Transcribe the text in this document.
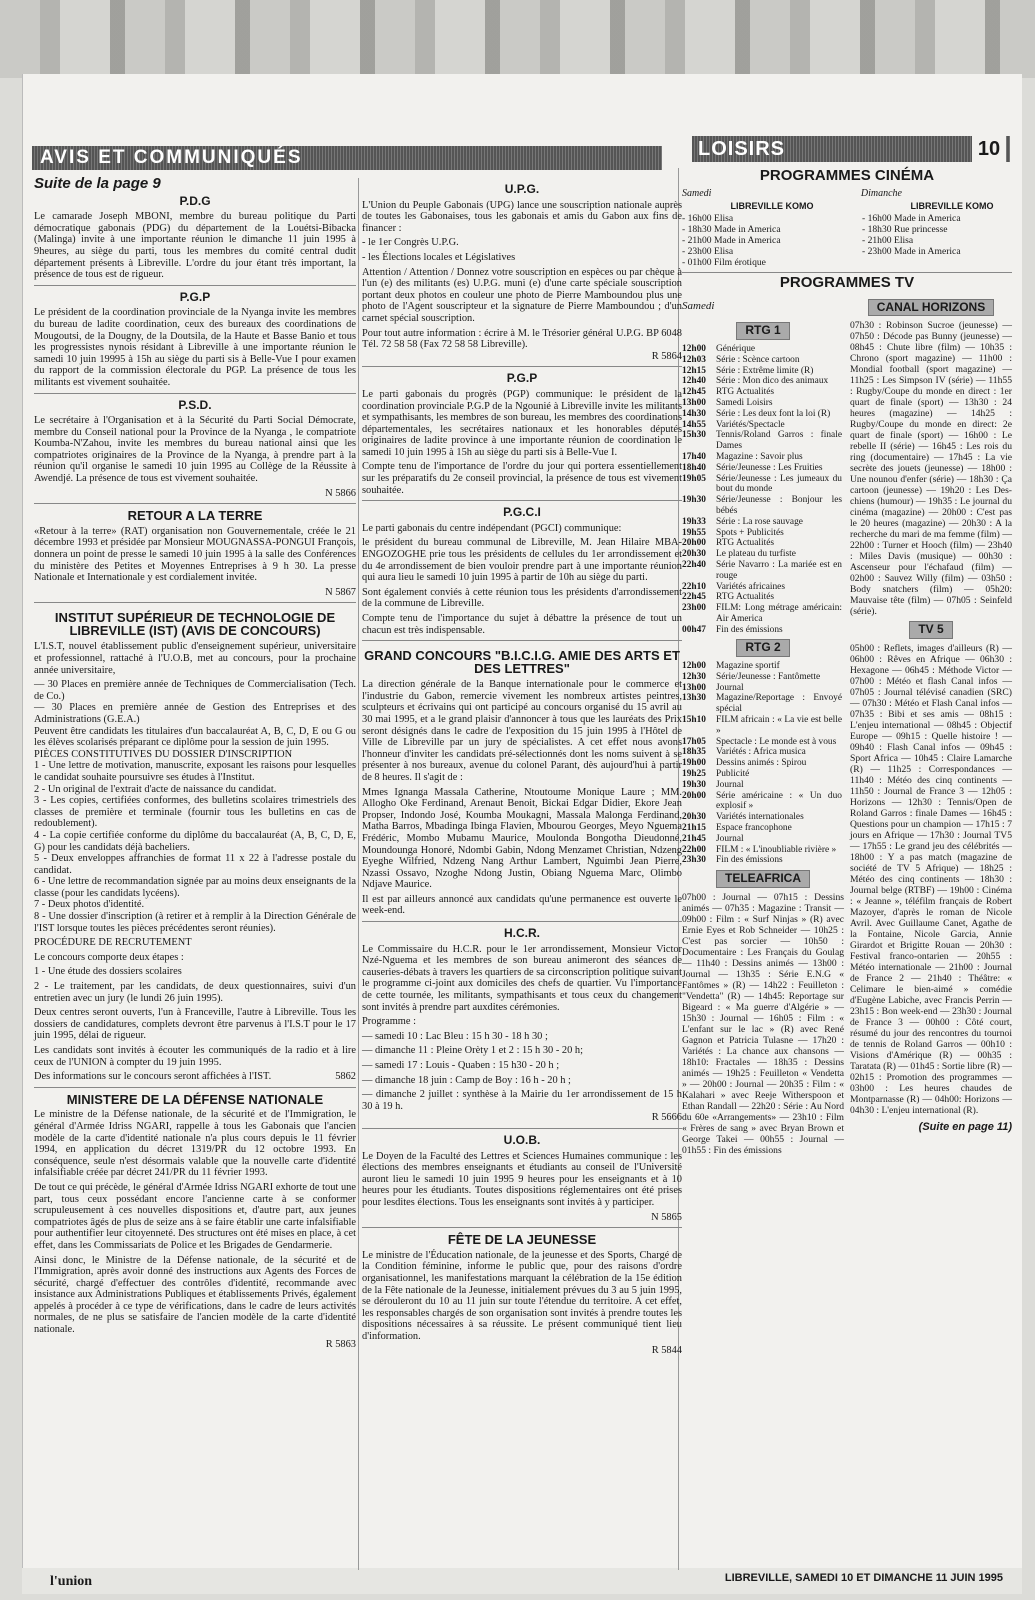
AVIS ET COMMUNIQUÉS	LOISIRS	10
Suite de la page 9
P.D.G
Le camarade Joseph MBONI, membre du bureau politique du Parti démocratique gabonais (PDG) du département de la Louétsi-Bibacka (Malinga) invite à une importante réunion le dimanche 11 juin 1995 à 9heures, au siège du parti, tous les membres du comité central dudit département présents à Libreville. L'ordre du jour étant très important, la présence de tous est de rigueur.
P.G.P
Le président de la coordination provinciale de la Nyanga invite les membres du bureau de ladite coordination, ceux des bureaux des coordinations de Mougoutsi, de la Dougny, de la Doutsila, de la Haute et Basse Banio et tous les progressistes nynois résidant à Libreville à une importante réunion le samedi 10 juin 19995 à 15h au siège du parti sis à Belle-Vue I pour examen du rapport de la commission électorale du PGP. La présence de tous les militants est vivement souhaitée.
P.S.D.
Le secrétaire à l'Organisation et à la Sécurité du Parti Social Démocrate, membre du Conseil national pour la Province de la Nyanga , le compatriote Koumba-N'Zahou, invite les membres du bureau national ainsi que les compatriotes originaires de la Province de la Nyanga, à prendre part à la réunion qu'il organise le samedi 10 juin 1995 au Collège de la Réussite à Awendjé. La présence de tous est vivement souhaitée.
N 5866
RETOUR A LA TERRE
«Retour à la terre» (RAT) organisation non Gouvernementale, créée le 21 décembre 1993 et présidée par Monsieur MOUGNASSA-PONGUI François, donnera un point de presse le samedi 10 juin 1995 à la salle des Conférences du ministère des Petites et Moyennes Entreprises à 9 h 30. La presse Nationale et Internationale y est cordialement invitée.
N 5867
INSTITUT SUPÉRIEUR DE TECHNOLOGIE DE LIBREVILLE (IST) (AVIS DE CONCOURS)
L'I.S.T, nouvel établissement public d'enseignement supérieur, universitaire et professionnel, rattaché à l'U.O.B, met au concours, pour la prochaine année universitaire,
— 30 Places en première année de Techniques de Commercialisation (Tech. de Co.)
— 30 Places en première année de Gestion des Entreprises et des Administrations (G.E.A.)
Peuvent être candidats les titulaires d'un baccalauréat A, B, C, D, E ou G ou les élèves scolarisés préparant ce diplôme pour la session de juin 1995.
PIÈCES CONSTITUTIVES DU DOSSIER D'INSCRIPTION
1 - Une lettre de motivation, manuscrite, exposant les raisons pour lesquelles le candidat souhaite poursuivre ses études à l'Institut.
2 - Un original de l'extrait d'acte de naissance du candidat.
3 - Les copies, certifiées conformes, des bulletins scolaires trimestriels des classes de première et terminale (fournir tous les bulletins en cas de redoublement).
4 - La copie certifiée conforme du diplôme du baccalauréat (A, B, C, D, E, G) pour les candidats déjà bacheliers.
5 - Deux enveloppes affranchies de format 11 x 22 à l'adresse postale du candidat.
6 - Une lettre de recommandation signée par au moins deux enseignants de la classe (pour les candidats lycéens).
7 - Deux photos d'identité.
8 - Une dossier d'inscription (à retirer et à remplir à la Direction Générale de l'IST lorsque toutes les pièces précédentes seront réunies).
PROCÉDURE DE RECRUTEMENT
Le concours comporte deux étapes :
1 - Une étude des dossiers scolaires
2 - Le traitement, par les candidats, de deux questionnaires, suivi d'un entretien avec un jury (le lundi 26 juin 1995).
Deux centres seront ouverts, l'un à Franceville, l'autre à Libreville. Tous les dossiers de candidatures, complets devront être parvenus à l'I.S.T pour le 17 juin 1995, délai de rigueur.
Les candidats sont invités à écouter les communiqués de la radio et à lire ceux de l'UNION à compter du 19 juin 1995.
Des informations sur le concours seront affichées à l'IST.	5862
MINISTERE DE LA DÉFENSE NATIONALE
Le ministre de la Défense nationale, de la sécurité et de l'Immigration, le général d'Armée Idriss NGARI, rappelle à tous les Gabonais que l'ancien modèle de la carte d'identité nationale n'a plus cours depuis le 11 février 1994, en application du décret 1319/PR du 12 octobre 1993. En conséquence, seule n'est désormais valable que la nouvelle carte d'identité infalsifiable créée par décret 241/PR du 11 février 1993.
De tout ce qui précède, le général d'Armée Idriss NGARI exhorte de tout une part, tous ceux possédant encore l'ancienne carte à se conformer scrupuleusement à ces nouvelles dispositions et, d'autre part, aux jeunes compatriotes âgés de plus de seize ans à se faire établir une carte infalsifiable pour authentifier leur citoyenneté. Des structures ont été mises en place, à cet effet, dans les Commissariats de Police et les Brigades de Gendarmerie.
Ainsi donc, le Ministre de la Défense nationale, de la sécurité et de l'Immigration, après avoir donné des instructions aux Agents des Forces de sécurité, chargé d'effectuer des contrôles d'identité, recommande avec insistance aux Administrations Publiques et établissements Privés, également appelés à procéder à ce type de vérifications, dans le cadre de leurs activités normales, de ne plus se satisfaire de l'ancien modèle de la carte d'identité nationale.
R 5863
U.P.G.
L'Union du Peuple Gabonais (UPG) lance une souscription nationale auprès de toutes les Gabonaises, tous les gabonais et amis du Gabon aux fins de financer :
- le 1er Congrès U.P.G.
- les Élections locales et Législatives
Attention / Attention / Donnez votre souscription en espèces ou par chèque à l'un (e) des militants (es) U.P.G. muni (e) d'une carte spéciale souscription portant deux photos en couleur une photo de Pierre Mamboundou plus une photo de l'Agent souscripteur et la signature de Pierre Mamboundou ; d'un carnet spécial souscription.
Pour tout autre information : écrire à M. le Trésorier général U.P.G. BP 6048 Tél. 72 58 58 (Fax 72 58 58 Libreville).
R 5864
P.G.P
Le parti gabonais du progrès (PGP) communique: le président de la coordination provinciale P.G.P de la Ngounié à Libreville invite les militants et sympathisants, les membres de son bureau, les membres des coordinations départementales, les secrétaires nationaux et les honorables députés originaires de ladite province à une importante réunion de coordination le samedi 10 juin 1995 à 15h au siège du parti sis à Belle-Vue I.
Compte tenu de l'importance de l'ordre du jour qui portera essentiellement sur les préparatifs du 2e conseil provincial, la présence de tous est vivement souhaitée.
P.G.C.I
Le parti gabonais du centre indépendant (PGCI) communique:
le président du bureau communal de Libreville, M. Jean Hilaire MBA-ENGOZOGHE prie tous les présidents de cellules du 1er arrondissement et du 4e arrondissement de bien vouloir prendre part à une importante réunion qui aura lieu le samedi 10 juin 1995 à partir de 10h au siège du parti.
Sont également conviés à cette réunion tous les présidents d'arrondissement de la commune de Libreville.
Compte tenu de l'importance du sujet à débattre la présence de tout un chacun est très indispensable.
GRAND CONCOURS "B.I.C.I.G. AMIE DES ARTS ET DES LETTRES"
La direction générale de la Banque internationale pour le commerce et l'industrie du Gabon, remercie vivement les nombreux artistes peintres, sculpteurs et écrivains qui ont participé au concours organisé du 15 avril au 30 mai 1995, et a le grand plaisir d'annoncer à tous que les lauréats des Prix seront désignés dans le cadre de l'exposition du 15 juin 1995 à l'Hôtel de Ville de Libreville par un jury de spécialistes. A cet effet nous avons l'honneur d'inviter les candidats pré-sélectionnés dont les noms suivent à se présenter à nos bureaux, avenue du colonel Parant, dès aujourd'hui à partir de 8 heures. Il s'agit de :
Mmes Ignanga Massala Catherine, Ntoutoume Monique Laure ; MM. Allogho Oke Ferdinand, Arenaut Benoit, Bickai Edgar Didier, Ekore Jean Propser, Indondo José, Koumba Moukagni, Massala Malonga Ferdinand, Matha Barros, Mbadinga Ibinga Flavien, Mbourou Georges, Meyo Nguema Frédéric, Mombo Mubamu Maurice, Moulonda Bongotha Dieudonné, Moundounga Honoré, Ndombi Gabin, Ndong Menzamet Christian, Ndzeng Eyeghe Wilfried, Ndzeng Nang Arthur Lambert, Nguimbi Jean Pierre, Nzassi Ossavo, Nzoghe Ndong Justin, Obiang Nguema Marc, Olimbo Ndjave Maurice.
Il est par ailleurs annoncé aux candidats qu'une permanence est ouverte le week-end.
H.C.R.
Le Commissaire du H.C.R. pour le 1er arrondissement, Monsieur Victor Nzé-Nguema et les membres de son bureau animeront des séances de causeries-débats à travers les quartiers de sa circonscription politique suivant le programme ci-joint aux domiciles des chefs de quartier. Vu l'importance de cette tournée, les militants, sympathisants et tous ceux du changement sont invités à prendre part auxdites cérémonies.
Programme :
— samedi 10 : Lac Bleu : 15 h 30 - 18 h 30 ;
— dimanche 11 : Pleine Orèty 1 et 2 : 15 h 30 - 20 h;
— samedi 17 : Louis - Quaben : 15 h30 - 20 h ;
— dimanche 18 juin : Camp de Boy : 16 h - 20 h ;
— dimanche 2 juillet : synthèse à la Mairie du 1er arrondissement de 15 h 30 à 19 h.
R 5666
U.O.B.
Le Doyen de la Faculté des Lettres et Sciences Humaines communique : les élections des membres enseignants et étudiants au conseil de l'Université auront lieu le samedi 10 juin 1995 9 heures pour les enseignants et à 10 heures pour les étudiants. Toutes dispositions réglementaires ont été prises pour lesdites élections. Tous les enseignants sont invités à y participer.
N 5865
FÊTE DE LA JEUNESSE
Le ministre de l'Éducation nationale, de la jeunesse et des Sports, Chargé de la Condition féminine, informe le public que, pour des raisons d'ordre organisationnel, les manifestations marquant la célébration de la 15e édition de la Fête nationale de la Jeunesse, initialement prévues du 3 au 5 juin 1995, se dérouleront du 10 au 11 juin sur toute l'étendue du territoire. A cet effet, les responsables chargés de son organisation sont invités à prendre toutes les dispositions nécessaires à sa réussite. Le présent communiqué tient lieu d'information.
R 5844
PROGRAMMES CINÉMA
Samedi	Dimanche
LIBREVILLE KOMO
- 16h00 Elisa
- 18h30 Made in America
- 21h00 Made in America
- 23h00 Elisa
- 01h00 Film érotique
LIBREVILLE KOMO
- 16h00 Made in America
- 18h30 Rue princesse
- 21h00 Elisa
- 23h00 Made in America
PROGRAMMES TV
Samedi
RTG 1
12h00	Générique
12h03	Série : Scènce cartoon
12h15	Série : Extrême limite (R)
12h40	Série : Mon dico des animaux
12h45	RTG Actualités
13h00	Samedi Loisirs
14h30	Série : Les deux font la loi (R)
14h55	Variétés/Spectacle
15h30	Tennis/Roland Garros : finale Dames
17h40	Magazine : Savoir plus
18h40	Série/Jeunesse : Les Fruities
19h05	Série/Jeunesse : Les jumeaux du bout du monde
19h30	Série/Jeunesse : Bonjour les bébés
19h33	Série : La rose sauvage
19h55	Spots + Publicités
20h00	RTG Actualités
20h30	Le plateau du turfiste
22h40	Série Navarro : La mariée est en rouge
22h10	Variétés africaines
22h45	RTG Actualités
23h00	FILM: Long métrage américain: Air America
00h47	Fin des émissions
RTG 2
12h00	Magazine sportif
12h30	Série/Jeunesse : Fantômette
13h00	Journal
13h30	Magazine/Reportage : Envoyé spécial
15h10	FILM africain : « La vie est belle »
17h05	Spectacle : Le monde est à vous
18h35	Variétés : Africa musica
19h00	Dessins animés : Spirou
19h25	Publicité
19h30	Journal
20h00	Série américaine : « Un duo explosif »
20h30	Variétés internationales
21h15	Espace francophone
21h45	Journal
22h00	FILM : « L'inoubliable rivière »
23h30	Fin des émissions
TELEAFRICA
07h00 : Journal — 07h15 : Dessins animés — 07h35 : Magazine : Transit — 09h00 : Film : « Surf Ninjas » (R) avec Ernie Eyes et Rob Schneider — 10h25 : C'est pas sorcier — 10h50 : Documentaire : Les Français du Goulag — 11h40 : Dessins animés — 13h00 : Journal — 13h35 : Série E.N.G « Fantômes » (R) — 14h22 : Feuilleton : "Vendetta" (R) — 14h45: Reportage sur Bigeard : « Ma guerre d'Algérie » — 15h30 : Journal — 16h05 : Film : « L'enfant sur le lac » (R) avec René Gagnon et Patricia Tulasne — 17h20 : Variétés : La chance aux chansons — 18h10: Fractales — 18h35 : Dessins animés — 19h25 : Feuilleton « Vendetta » — 20h00 : Journal — 20h35 : Film : « Kalahari » avec Reeje Witherspoon et Ethan Randall — 22h20 : Série : Au Nord du 60e «Arrangements» — 23h10 : Film « Frères de sang » avec Bryan Brown et George Takei — 00h55 : Journal — 01h55 : Fin des émissions
CANAL HORIZONS
07h30 : Robinson Sucroe (jeunesse) — 07h50 : Décode pas Bunny (jeunesse) — 08h45 : Chute libre (film) — 10h35 : Chrono (sport magazine) — 11h00 : Mondial football (sport magazine) — 11h25 : Les Simpson IV (série) — 11h55 : Rugby/Coupe du monde en direct : 1er quart de finale (sport) — 13h30 : 24 heures (magazine) — 14h25 : Rugby/Coupe du monde en direct: 2e quart de finale (sport) — 16h00 : Le rebelle II (série) — 16h45 : Les rois du ring (documentaire) — 17h45 : La vie secrète des jouets (jeunesse) — 18h00 : Une nounou d'enfer (série) — 18h30 : Ça cartoon (jeunesse) — 19h20 : Les Des-chiens (humour) — 19h35 : Le journal du cinéma (magazine) — 20h00 : C'est pas le 20 heures (magazine) — 20h30 : A la recherche du mari de ma femme (film) — 22h00 : Turner et Hooch (film) — 23h40 : Miles Davis (musique) — 00h30 : Ascenseur pour l'échafaud (film) — 02h00 : Sauvez Willy (film) — 03h50 : Body snatchers (film) — 05h20: Mauvaise tête (film) — 07h05 : Seinfeld (série).
TV 5
05h00 : Reflets, images d'ailleurs (R) — 06h00 : Rêves en Afrique — 06h30 : Hexagone — 06h45 : Méthode Victor — 07h00 : Météo et flash Canal infos — 07h05 : Journal télévisé canadien (SRC) — 07h30 : Météo et Flash Canal infos — 07h35 : Bibi et ses amis — 08h15 : L'enjeu international — 08h45 : Objectif Europe — 09h15 : Quelle histoire ! — 09h40 : Flash Canal infos — 09h45 : Sport Africa — 10h45 : Claire Lamarche (R) — 11h25 : Correspondances — 11h40 : Météo des cinq continents — 11h50 : Journal de France 3 — 12h05 : Horizons — 12h30 : Tennis/Open de Roland Garros : finale Dames — 16h45 : Questions pour un champion — 17h15 : 7 jours en Afrique — 17h30 : Journal TV5 — 17h55 : Le grand jeu des célébrités — 18h00 : Y a pas match (magazine de société de TV 5 Afrique) — 18h25 : Météo des cinq continents — 18h30 : Journal belge (RTBF) — 19h00 : Cinéma : « Jeanne », téléfilm français de Robert Mazoyer, d'après le roman de Nicole Avril. Avec Guillaume Canet, Agathe de la Fontaine, Nicole Garcia, Annie Girardot et Brigitte Rouan — 20h30 : Festival franco-ontarien — 20h55 : Météo internationale — 21h00 : Journal de France 2 — 21h40 : Théâtre: « Celimare le bien-aimé » comédie d'Eugène Labiche, avec Francis Perrin — 23h15 : Bon week-end — 23h30 : Journal de France 3 — 00h00 : Côté court, résumé du jour des rencontres du tournoi de tennis de Roland Garros — 00h10 : Visions d'Amérique (R) — 00h35 : Taratata (R) — 01h45 : Sortie libre (R) — 02h15 : Promotion des programmes — 03h00 : Les heures chaudes de Montparnasse (R) — 04h00: Horizons — 04h30 : L'enjeu international (R).
(Suite en page 11)
l'union	LIBREVILLE, SAMEDI 10 ET DIMANCHE 11 JUIN 1995
